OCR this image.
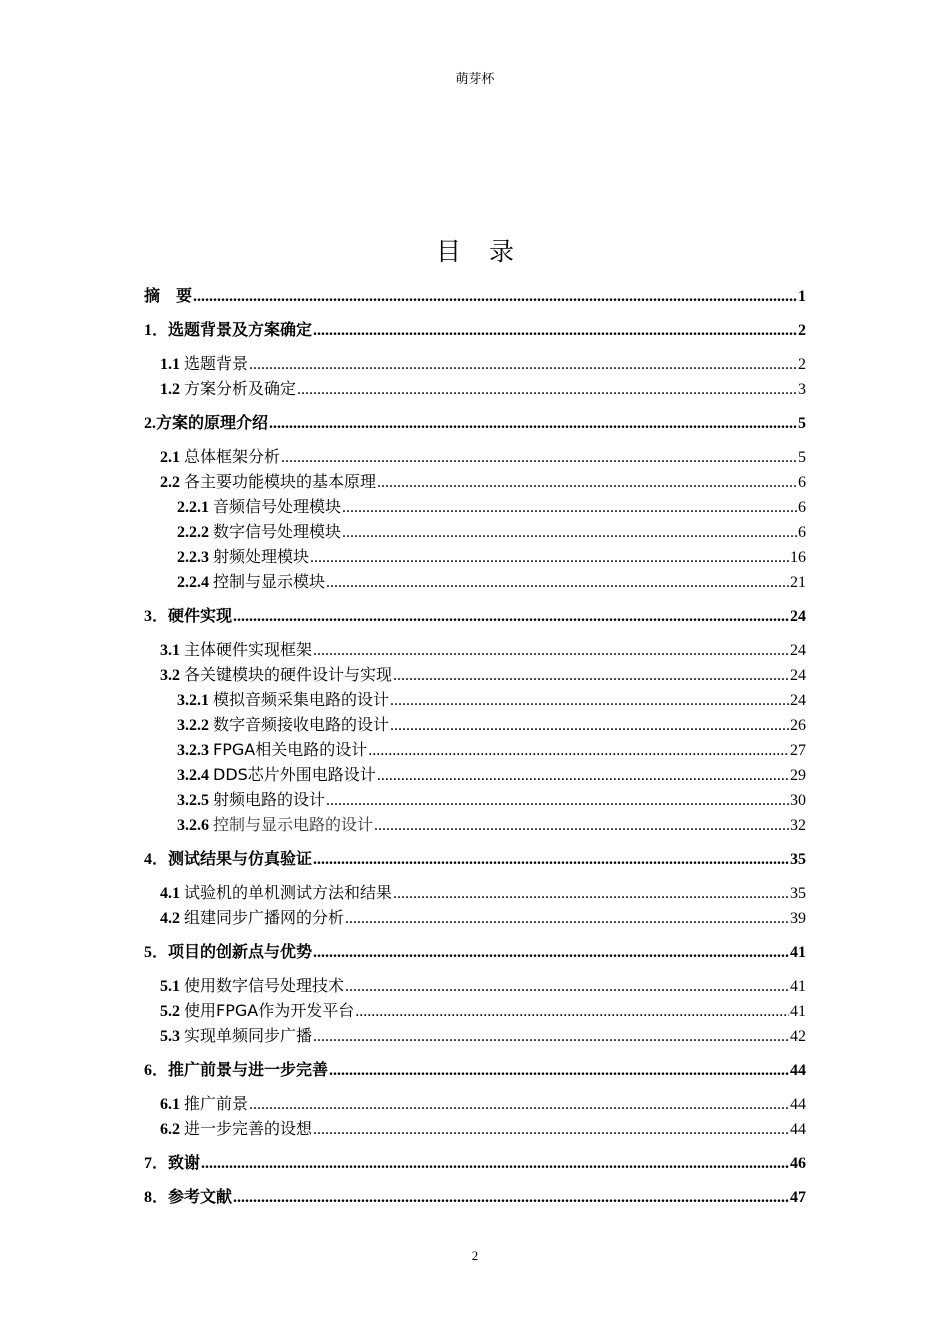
萌芽杯
目录
摘　要 .....	1
1．选题背景及方案确定 .....	2
1.1 选题背景 .....	2
1.2 方案分析及确定 .....	3
2.方案的原理介绍 .....	5
2.1 总体框架分析 .....	5
2.2 各主要功能模块的基本原理 .....	6
2.2.1 音频信号处理模块 .....	6
2.2.2 数字信号处理模块 .....	6
2.2.3 射频处理模块 .....	16
2.2.4 控制与显示模块 .....	21
3．硬件实现 .....	24
3.1 主体硬件实现框架 .....	24
3.2 各关键模块的硬件设计与实现 .....	24
3.2.1 模拟音频采集电路的设计 .....	24
3.2.2 数字音频接收电路的设计 .....	26
3.2.3 FPGA相关电路的设计 .....	27
3.2.4 DDS芯片外围电路设计 .....	29
3.2.5 射频电路的设计 .....	30
3.2.6 控制与显示电路的设计 .....	32
4．测试结果与仿真验证 .....	35
4.1 试验机的单机测试方法和结果 .....	35
4.2 组建同步广播网的分析 .....	39
5．项目的创新点与优势 .....	41
5.1 使用数字信号处理技术 .....	41
5.2 使用FPGA作为开发平台 .....	41
5.3 实现单频同步广播 .....	42
6．推广前景与进一步完善 .....	44
6.1 推广前景 .....	44
6.2 进一步完善的设想 .....	44
7．致谢 .....	46
8．参考文献 .....	47
2
